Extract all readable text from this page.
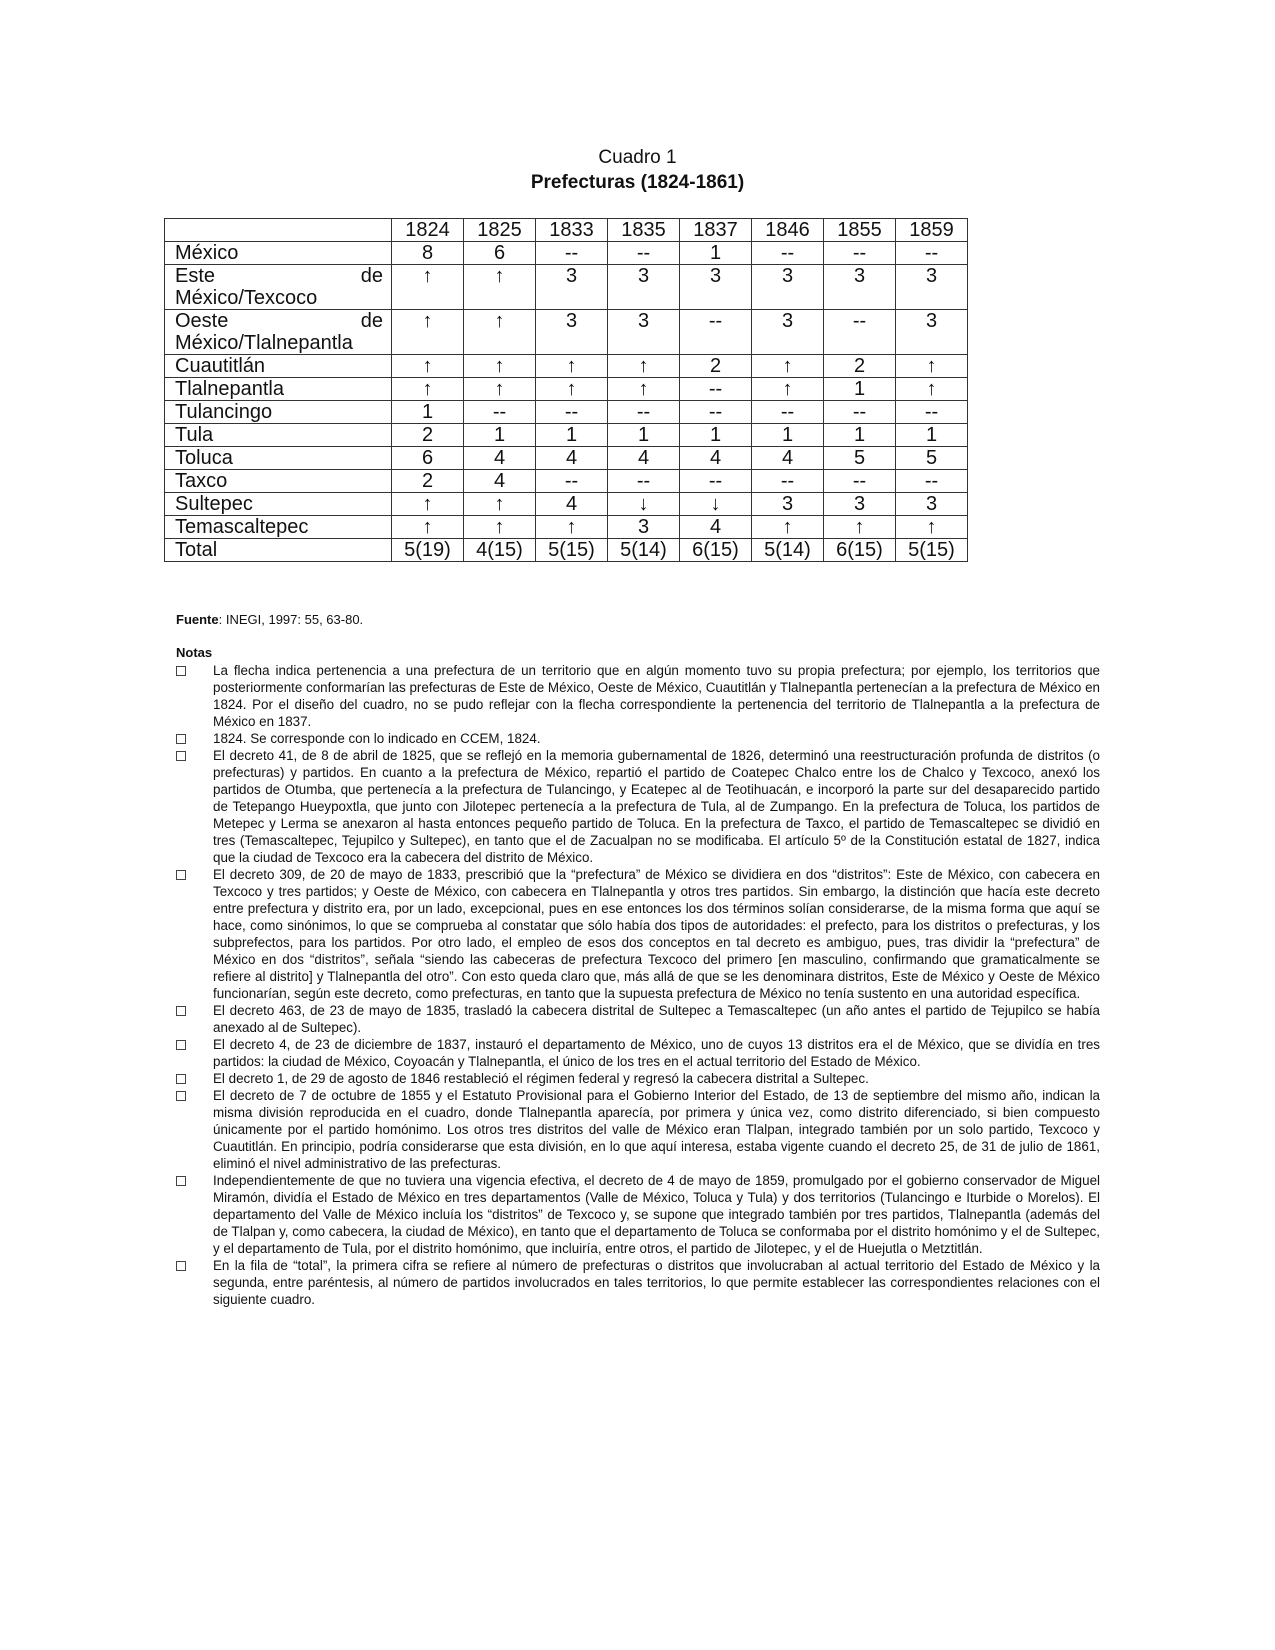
Cuadro 1
Prefecturas (1824-1861)
	1824	1825	1833	1835	1837	1846	1855	1859
México	8	6	--	--	1	--	--	--

Este de
México/Texcoco	↑	↑	3	3	3	3	3	3

Oeste de
México/Tlalnepantla	↑	↑	3	3	--	3	--	3
Cuautitlán	↑	↑	↑	↑	2	↑	2	↑
Tlalnepantla	↑	↑	↑	↑	--	↑	1	↑
Tulancingo	1	--	--	--	--	--	--	--
Tula	2	1	1	1	1	1	1	1
Toluca	6	4	4	4	4	4	5	5
Taxco	2	4	--	--	--	--	--	--
Sultepec	↑	↑	4	↓	↓	3	3	3
Temascaltepec	↑	↑	↑	3	4	↑	↑	↑
Total	5(19)	4(15)	5(15)	5(14)	6(15)	5(14)	6(15)	5(15)
Fuente: INEGI, 1997: 55, 63-80.
Notas
La flecha indica pertenencia a una prefectura de un territorio que en algún momento tuvo su propia prefectura; por ejemplo, los territorios que posteriormente conformarían las prefecturas de Este de México, Oeste de México, Cuautitlán y Tlalnepantla pertenecían a la prefectura de México en 1824. Por el diseño del cuadro, no se pudo reflejar con la flecha correspondiente la pertenencia del territorio de Tlalnepantla a la prefectura de México en 1837.
1824. Se corresponde con lo indicado en CCEM, 1824.
El decreto 41, de 8 de abril de 1825, que se reflejó en la memoria gubernamental de 1826, determinó una reestructuración profunda de distritos (o prefecturas) y partidos. En cuanto a la prefectura de México, repartió el partido de Coatepec Chalco entre los de Chalco y Texcoco, anexó los partidos de Otumba, que pertenecía a la prefectura de Tulancingo, y Ecatepec al de Teotihuacán, e incorporó la parte sur del desaparecido partido de Tetepango Hueypoxtla, que junto con Jilotepec pertenecía a la prefectura de Tula, al de Zumpango. En la prefectura de Toluca, los partidos de Metepec y Lerma se anexaron al hasta entonces pequeño partido de Toluca. En la prefectura de Taxco, el partido de Temascaltepec se dividió en tres (Temascaltepec, Tejupilco y Sultepec), en tanto que el de Zacualpan no se modificaba. El artículo 5º de la Constitución estatal de 1827, indica que la ciudad de Texcoco era la cabecera del distrito de México.
El decreto 309, de 20 de mayo de 1833, prescribió que la “prefectura” de México se dividiera en dos “distritos”: Este de México, con cabecera en Texcoco y tres partidos; y Oeste de México, con cabecera en Tlalnepantla y otros tres partidos. Sin embargo, la distinción que hacía este decreto entre prefectura y distrito era, por un lado, excepcional, pues en ese entonces los dos términos solían considerarse, de la misma forma que aquí se hace, como sinónimos, lo que se comprueba al constatar que sólo había dos tipos de autoridades: el prefecto, para los distritos o prefecturas, y los subprefectos, para los partidos. Por otro lado, el empleo de esos dos conceptos en tal decreto es ambiguo, pues, tras dividir la “prefectura” de México en dos “distritos”, señala “siendo las cabeceras de prefectura Texcoco del primero [en masculino, confirmando que gramaticalmente se refiere al distrito] y Tlalnepantla del otro”. Con esto queda claro que, más allá de que se les denominara distritos, Este de México y Oeste de México funcionarían, según este decreto, como prefecturas, en tanto que la supuesta prefectura de México no tenía sustento en una autoridad específica.
El decreto 463, de 23 de mayo de 1835, trasladó la cabecera distrital de Sultepec a Temascaltepec (un año antes el partido de Tejupilco se había anexado al de Sultepec).
El decreto 4, de 23 de diciembre de 1837, instauró el departamento de México, uno de cuyos 13 distritos era el de México, que se dividía en tres partidos: la ciudad de México, Coyoacán y Tlalnepantla, el único de los tres en el actual territorio del Estado de México.
El decreto 1, de 29 de agosto de 1846 restableció el régimen federal y regresó la cabecera distrital a Sultepec.
El decreto de 7 de octubre de 1855 y el Estatuto Provisional para el Gobierno Interior del Estado, de 13 de septiembre del mismo año, indican la misma división reproducida en el cuadro, donde Tlalnepantla aparecía, por primera y única vez, como distrito diferenciado, si bien compuesto únicamente por el partido homónimo. Los otros tres distritos del valle de México eran Tlalpan, integrado también por un solo partido, Texcoco y Cuautitlán. En principio, podría considerarse que esta división, en lo que aquí interesa, estaba vigente cuando el decreto 25, de 31 de julio de 1861, eliminó el nivel administrativo de las prefecturas.
Independientemente de que no tuviera una vigencia efectiva, el decreto de 4 de mayo de 1859, promulgado por el gobierno conservador de Miguel Miramón, dividía el Estado de México en tres departamentos (Valle de México, Toluca y Tula) y dos territorios (Tulancingo e Iturbide o Morelos). El departamento del Valle de México incluía los “distritos” de Texcoco y, se supone que integrado también por tres partidos, Tlalnepantla (además del de Tlalpan y, como cabecera, la ciudad de México), en tanto que el departamento de Toluca se conformaba por el distrito homónimo y el de Sultepec, y el departamento de Tula, por el distrito homónimo, que incluiría, entre otros, el partido de Jilotepec, y el de Huejutla o Metztitlán.
En la fila de “total”, la primera cifra se refiere al número de prefecturas o distritos que involucraban al actual territorio del Estado de México y la segunda, entre paréntesis, al número de partidos involucrados en tales territorios, lo que permite establecer las correspondientes relaciones con el siguiente cuadro.
